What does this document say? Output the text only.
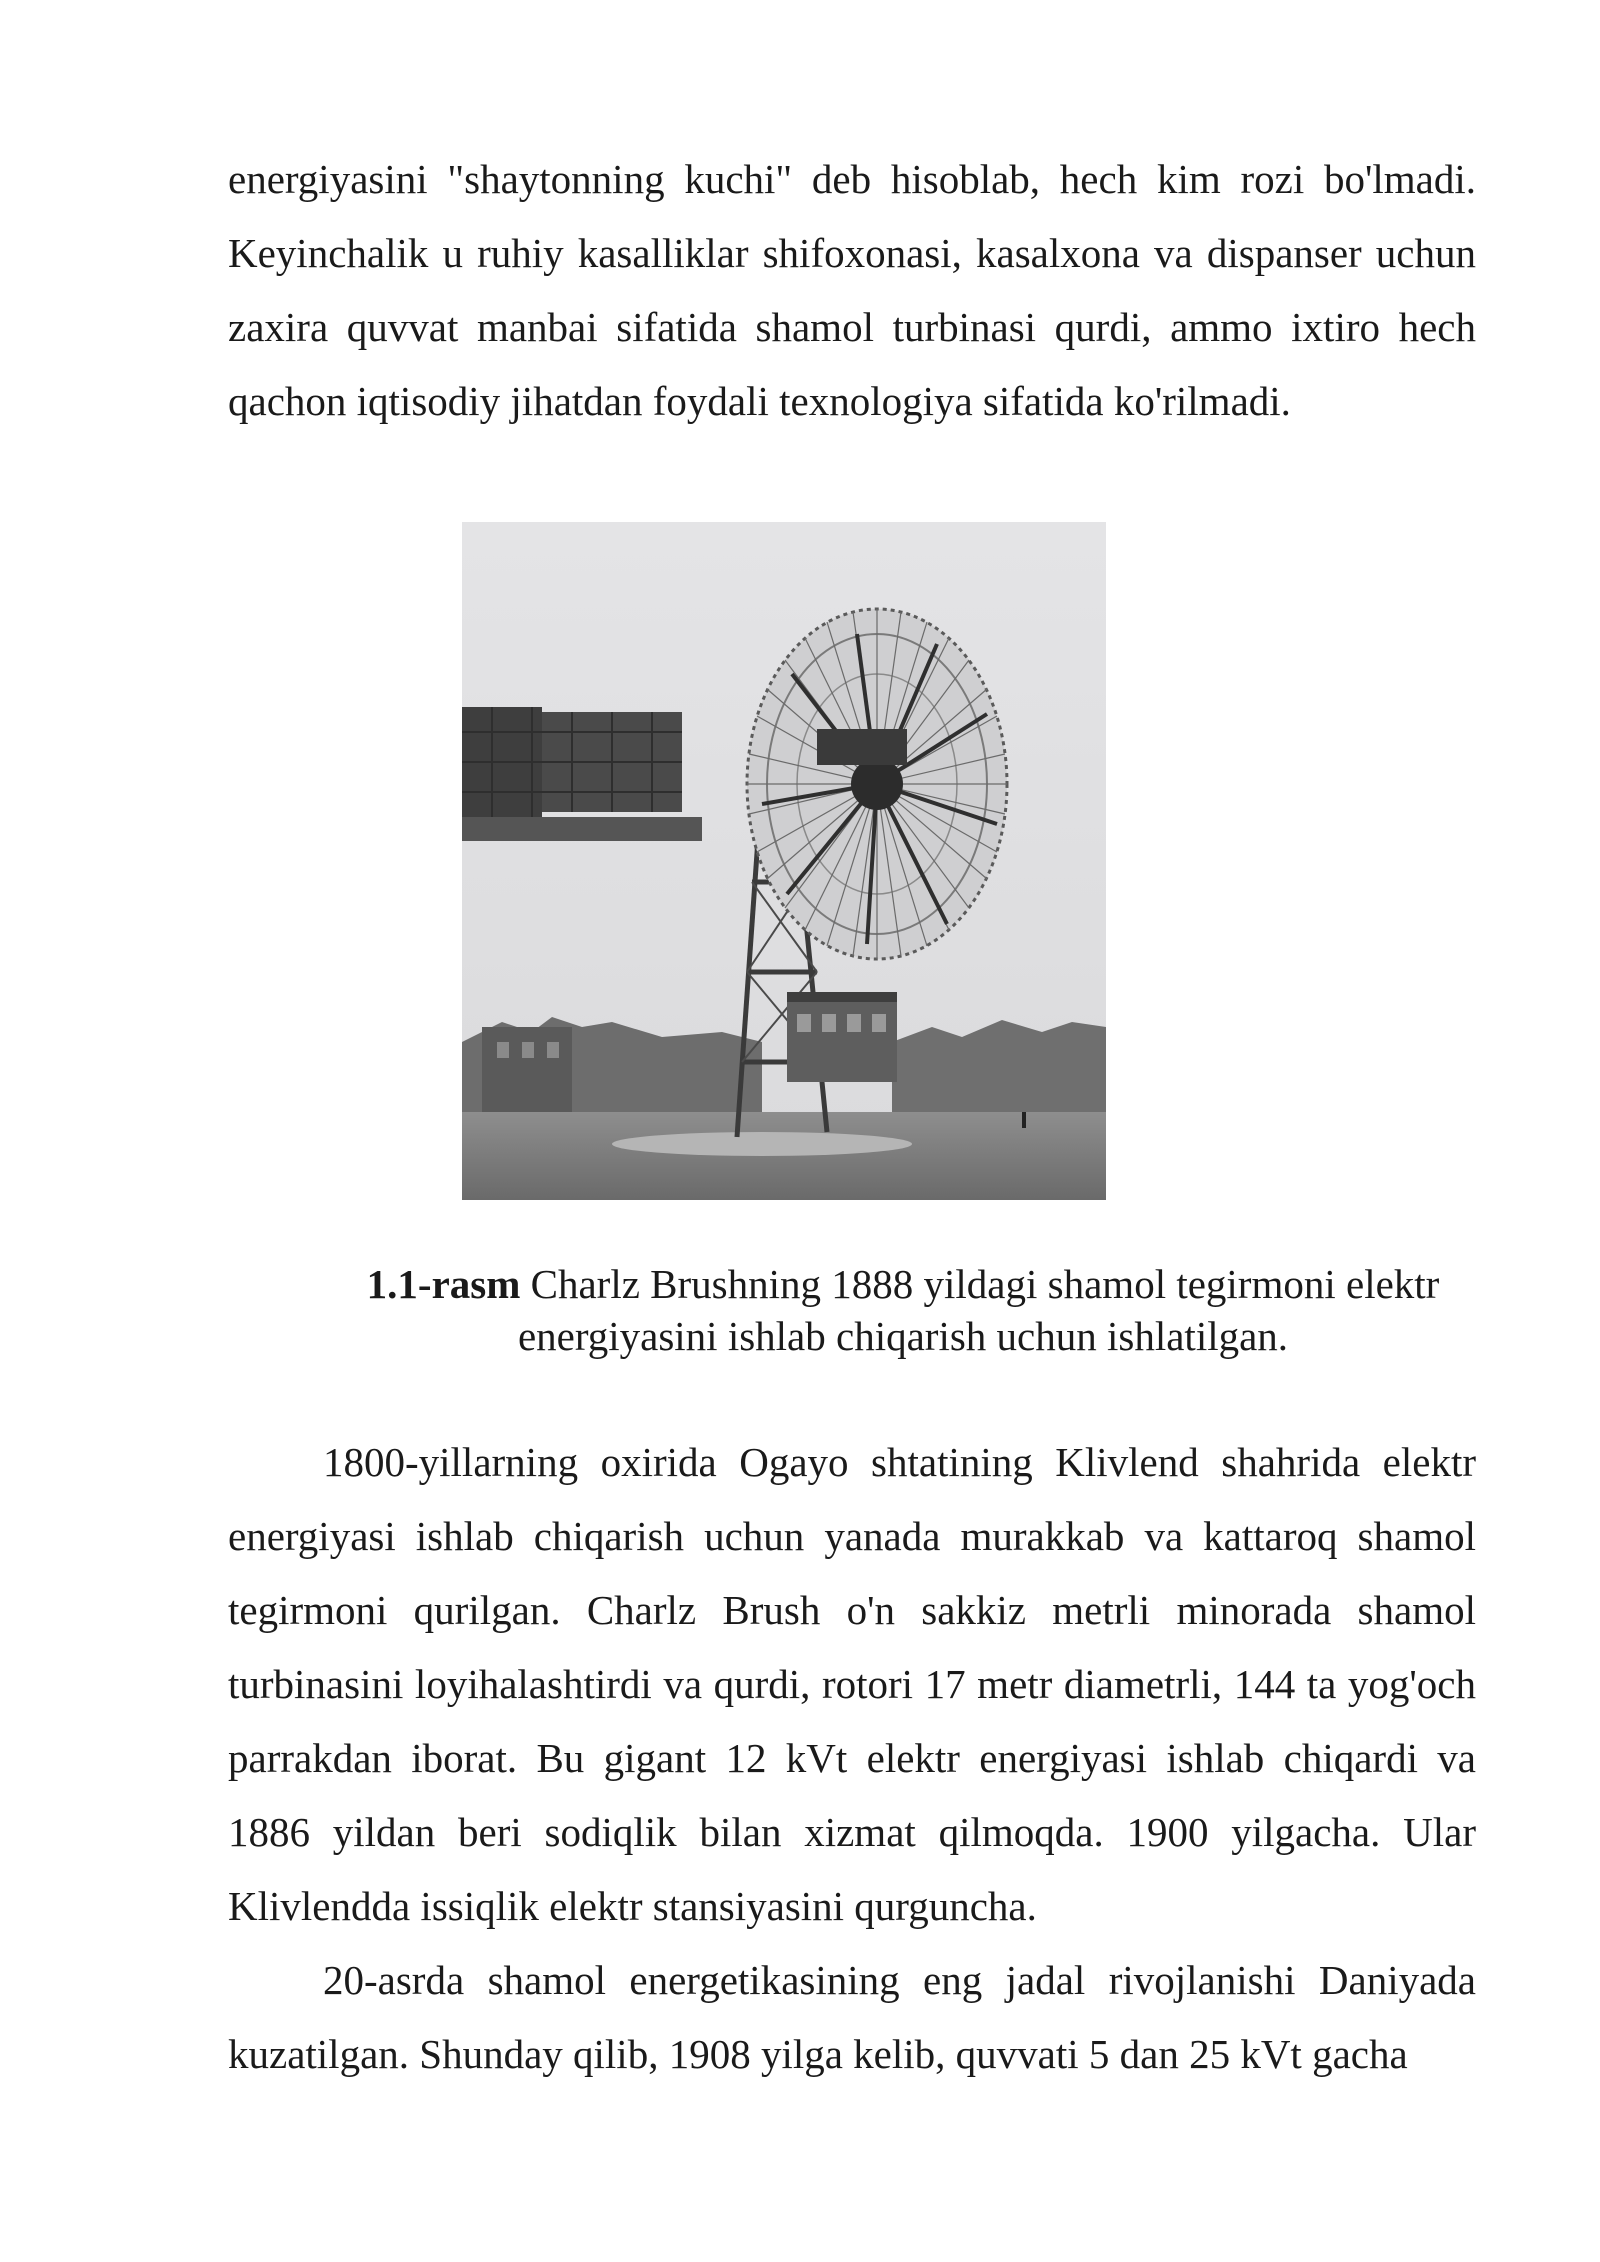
energiyasini "shaytonning kuchi" deb hisoblab, hech kim rozi bo'lmadi. Keyinchalik u ruhiy kasalliklar shifoxonasi, kasalxona va dispanser uchun zaxira quvvat manbai sifatida shamol turbinasi qurdi, ammo ixtiro hech qachon iqtisodiy jihatdan foydali texnologiya sifatida ko'rilmadi.

1.1-rasm Charlz Brushning 1888 yildagi shamol tegirmoni elektr energiyasini ishlab chiqarish uchun ishlatilgan.

1800-yillarning oxirida Ogayo shtatining Klivlend shahrida elektr energiyasi ishlab chiqarish uchun yanada murakkab va kattaroq shamol tegirmoni qurilgan. Charlz Brush o'n sakkiz metrli minorada shamol turbinasini loyihalashtirdi va qurdi, rotori 17 metr diametrli, 144 ta yog'och parrakdan iborat. Bu gigant 12 kVt elektr energiyasi ishlab chiqardi va 1886 yildan beri sodiqlik bilan xizmat qilmoqda. 1900 yilgacha. Ular Klivlendda issiqlik elektr stansiyasini qurguncha.

20-asrda shamol energetikasining eng jadal rivojlanishi Daniyada kuzatilgan. Shunday qilib, 1908 yilga kelib, quvvati 5 dan 25 kVt gacha
